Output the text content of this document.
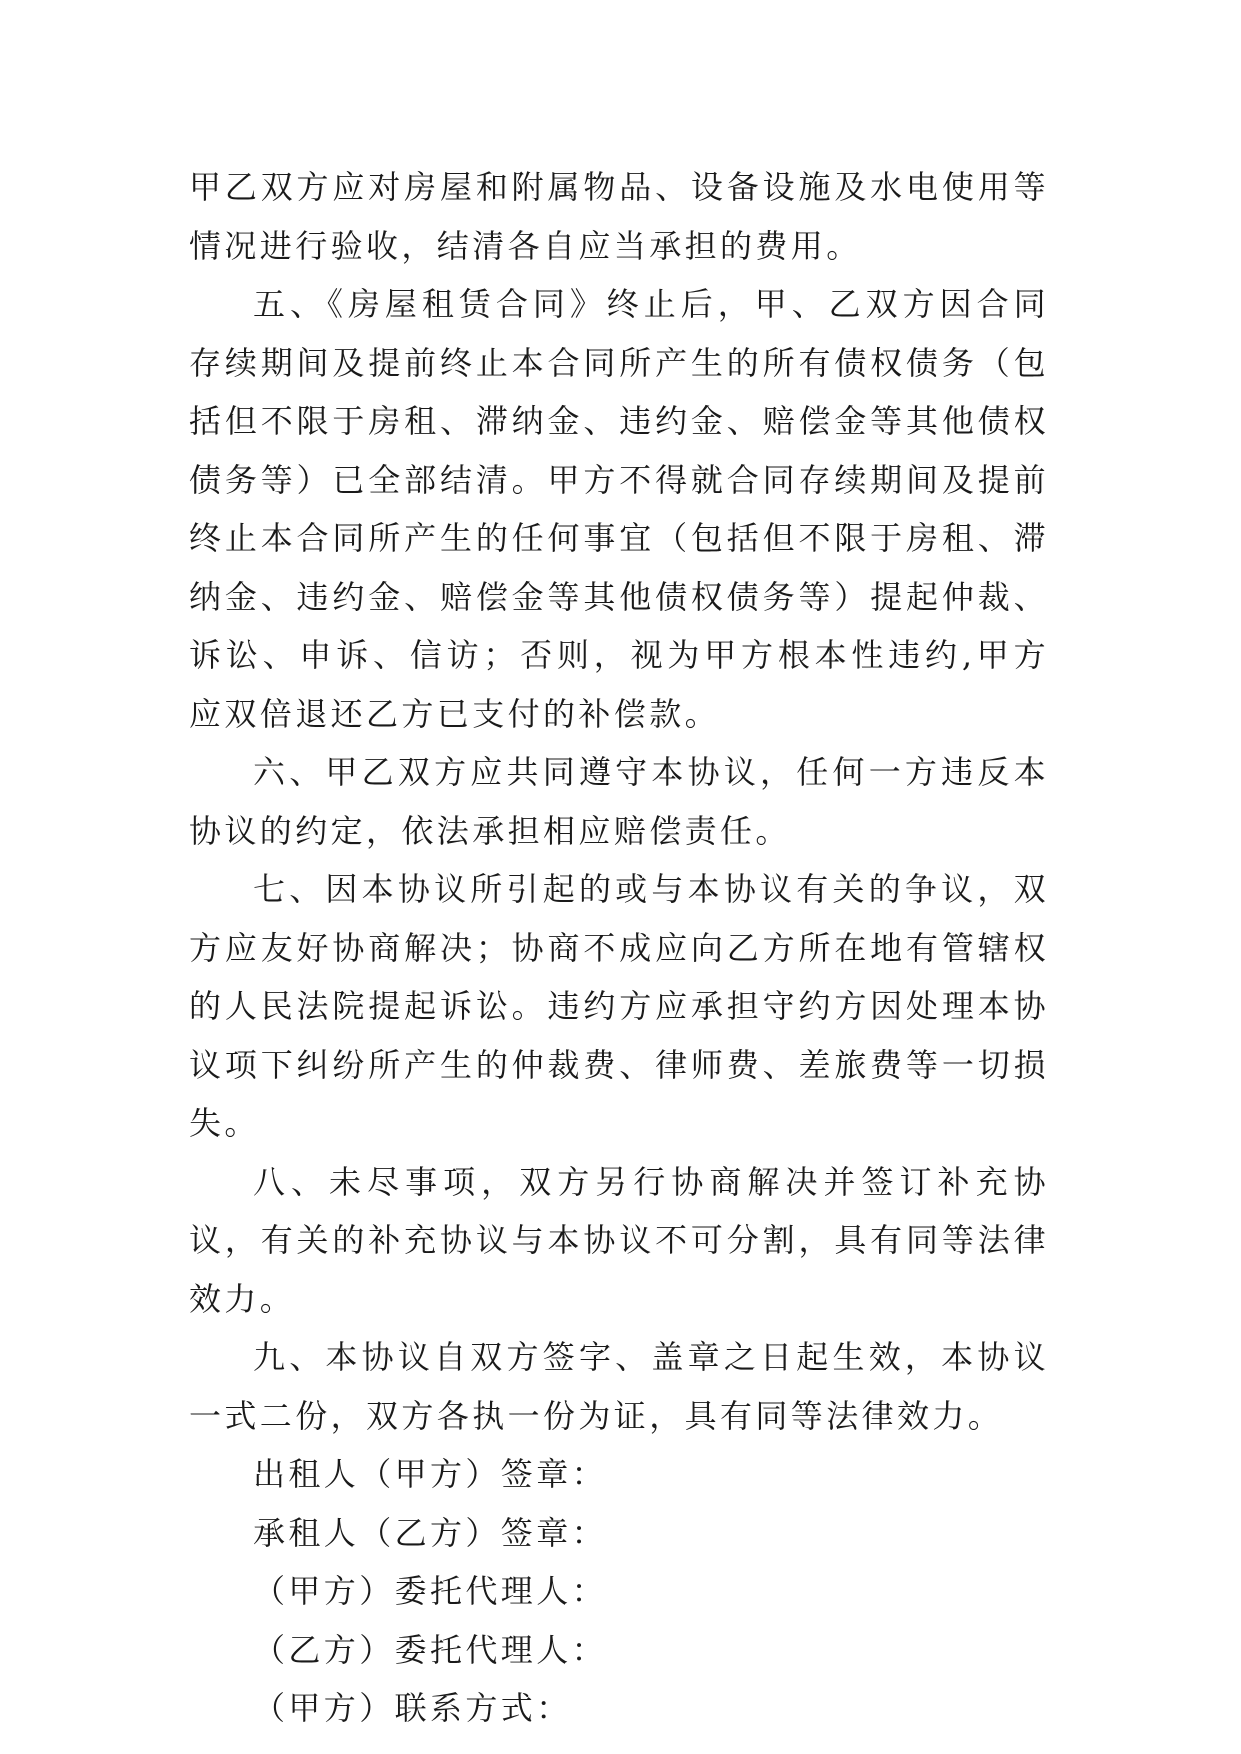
甲乙双方应对房屋和附属物品、设备设施及水电使用等情况进行验收，结清各自应当承担的费用。

五、《房屋租赁合同》终止后，甲、乙双方因合同存续期间及提前终止本合同所产生的所有债权债务（包括但不限于房租、滞纳金、违约金、赔偿金等其他债权债务等）已全部结清。甲方不得就合同存续期间及提前终止本合同所产生的任何事宜（包括但不限于房租、滞纳金、违约金、赔偿金等其他债权债务等）提起仲裁、诉讼、申诉、信访；否则，视为甲方根本性违约,甲方应双倍退还乙方已支付的补偿款。

六、甲乙双方应共同遵守本协议，任何一方违反本协议的约定，依法承担相应赔偿责任。

七、因本协议所引起的或与本协议有关的争议，双方应友好协商解决；协商不成应向乙方所在地有管辖权的人民法院提起诉讼。违约方应承担守约方因处理本协议项下纠纷所产生的仲裁费、律师费、差旅费等一切损失。

八、未尽事项，双方另行协商解决并签订补充协议，有关的补充协议与本协议不可分割，具有同等法律效力。

九、本协议自双方签字、盖章之日起生效，本协议一式二份，双方各执一份为证，具有同等法律效力。

出租人（甲方）签章：

承租人（乙方）签章：

（甲方）委托代理人：

（乙方）委托代理人：

（甲方）联系方式：
